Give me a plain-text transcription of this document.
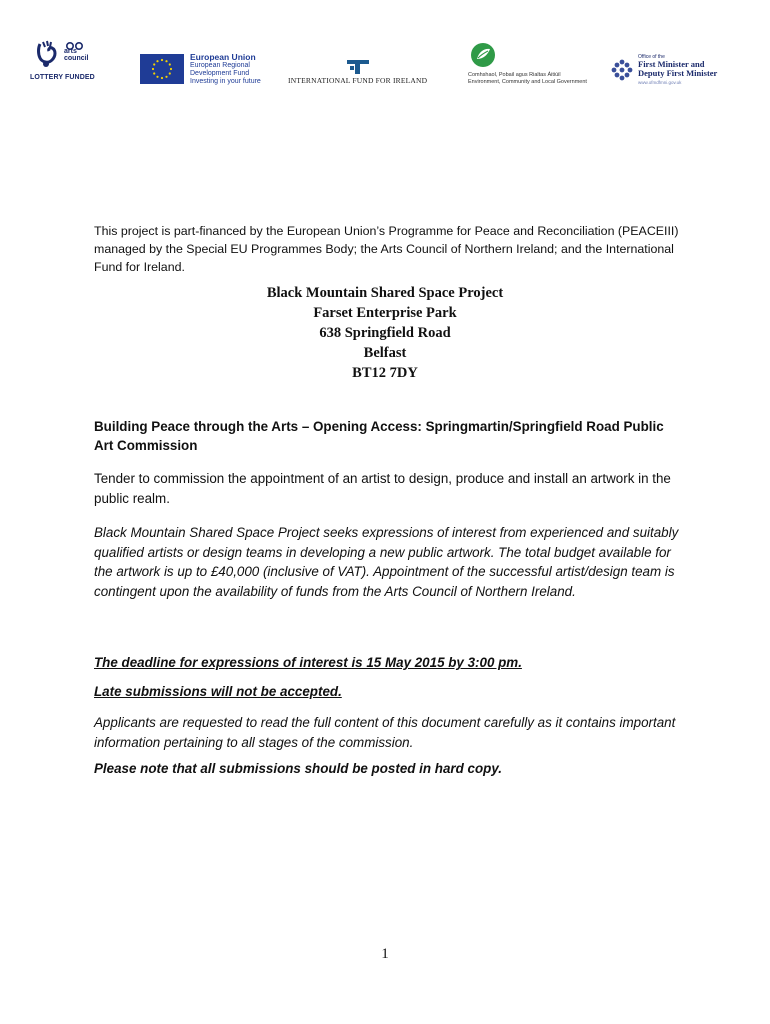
arts council
LOTTERY FUNDED
European Union
European Regional
Development Fund
Investing in your future	INTERNATIONAL FUND FOR IRELAND
Comhshaol, Pobail agus Rialtas Áitiúil
Environment, Community and Local Government
Office of the
First Minister and
Deputy First Minister
www.ofmdfmni.gov.uk

This project is part-financed by the European Union’s Programme for Peace and Reconciliation (PEACEIII) managed by the Special EU Programmes Body; the Arts Council of Northern Ireland; and the International Fund for Ireland.

Black Mountain Shared Space Project
Farset Enterprise Park
638 Springfield Road
Belfast
BT12 7DY

Building Peace through the Arts – Opening Access: Springmartin/Springfield Road Public Art Commission

Tender to commission the appointment of an artist to design, produce and install an artwork in the public realm.

Black Mountain Shared Space Project seeks expressions of interest from experienced and suitably qualified artists or design teams in developing a new public artwork. The total budget available for the artwork is up to £40,000 (inclusive of VAT). Appointment of the successful artist/design team is contingent upon the availability of funds from the Arts Council of Northern Ireland.

The deadline for expressions of interest is 15 May 2015 by 3:00 pm.

Late submissions will not be accepted.

Applicants are requested to read the full content of this document carefully as it contains important information pertaining to all stages of the commission.

Please note that all submissions should be posted in hard copy.

1
